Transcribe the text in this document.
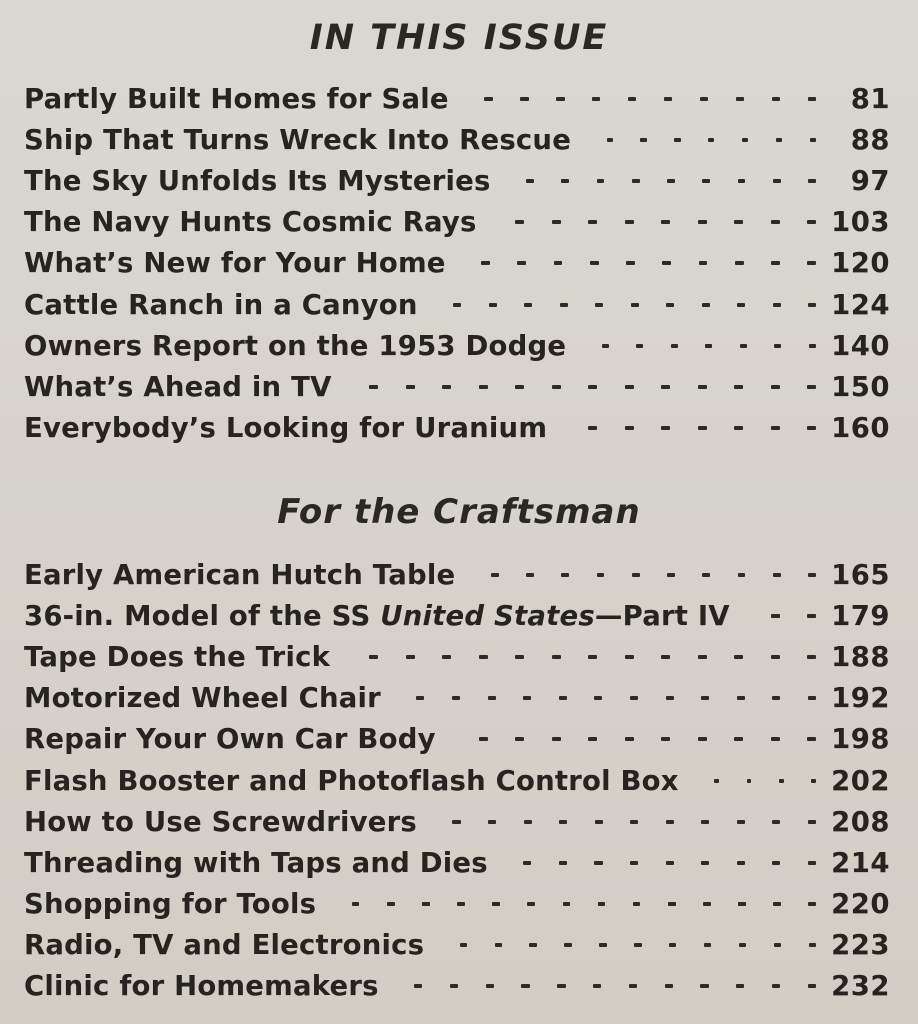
IN THIS ISSUE
Partly Built Homes for Sale	81
Ship That Turns Wreck Into Rescue	88
The Sky Unfolds Its Mysteries	97
The Navy Hunts Cosmic Rays	103
What’s New for Your Home	120
Cattle Ranch in a Canyon	124
Owners Report on the 1953 Dodge	140
What’s Ahead in TV	150
Everybody’s Looking for Uranium	160
For the Craftsman
Early American Hutch Table	165
36-in. Model of the SS United States—Part IV	179
Tape Does the Trick	188
Motorized Wheel Chair	192
Repair Your Own Car Body	198
Flash Booster and Photoflash Control Box	202
How to Use Screwdrivers	208
Threading with Taps and Dies	214
Shopping for Tools	220
Radio, TV and Electronics	223
Clinic for Homemakers	232
